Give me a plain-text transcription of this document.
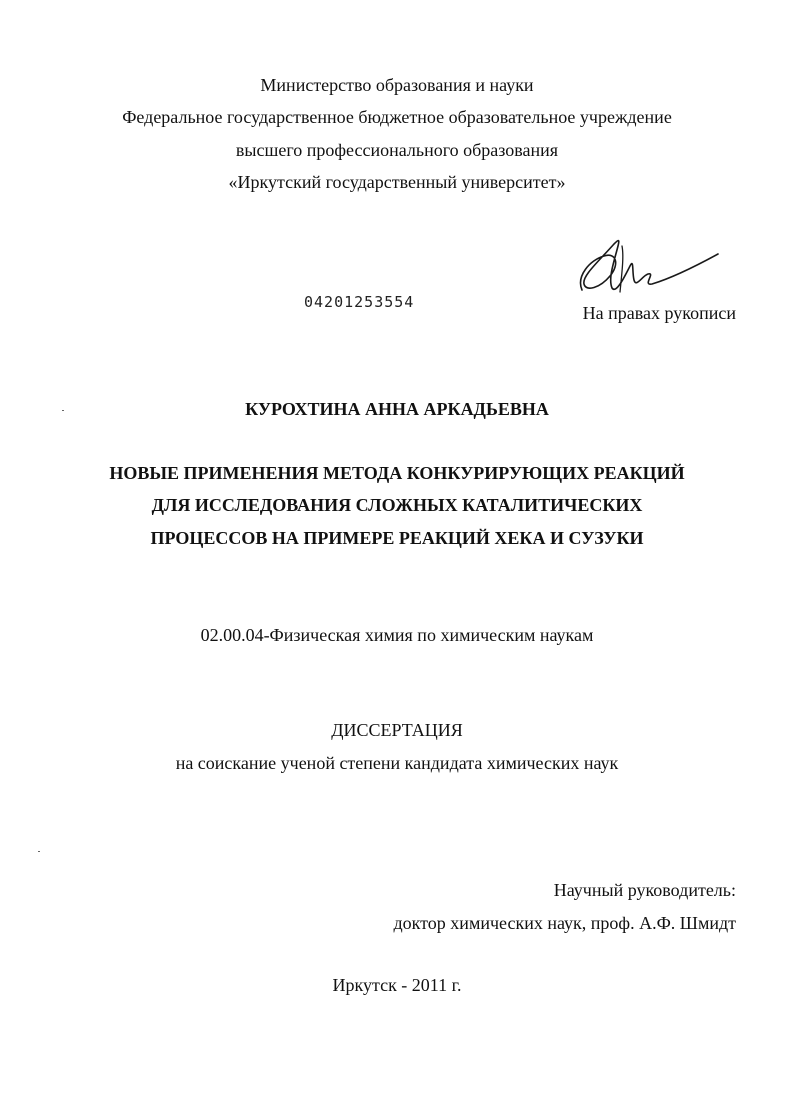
Министерство образования и науки
Федеральное государственное бюджетное образовательное учреждение
высшего профессионального образования
«Иркутский государственный университет»
04201253554
На правах рукописи
КУРОХТИНА АННА АРКАДЬЕВНА
НОВЫЕ ПРИМЕНЕНИЯ МЕТОДА КОНКУРИРУЮЩИХ РЕАКЦИЙ
ДЛЯ ИССЛЕДОВАНИЯ СЛОЖНЫХ КАТАЛИТИЧЕСКИХ
ПРОЦЕССОВ НА ПРИМЕРЕ РЕАКЦИЙ ХЕКА И СУЗУКИ
02.00.04-Физическая химия по химическим наукам
ДИССЕРТАЦИЯ
на соискание ученой степени кандидата химических наук
Научный руководитель:
доктор химических наук, проф. А.Ф. Шмидт
Иркутск - 2011 г.
